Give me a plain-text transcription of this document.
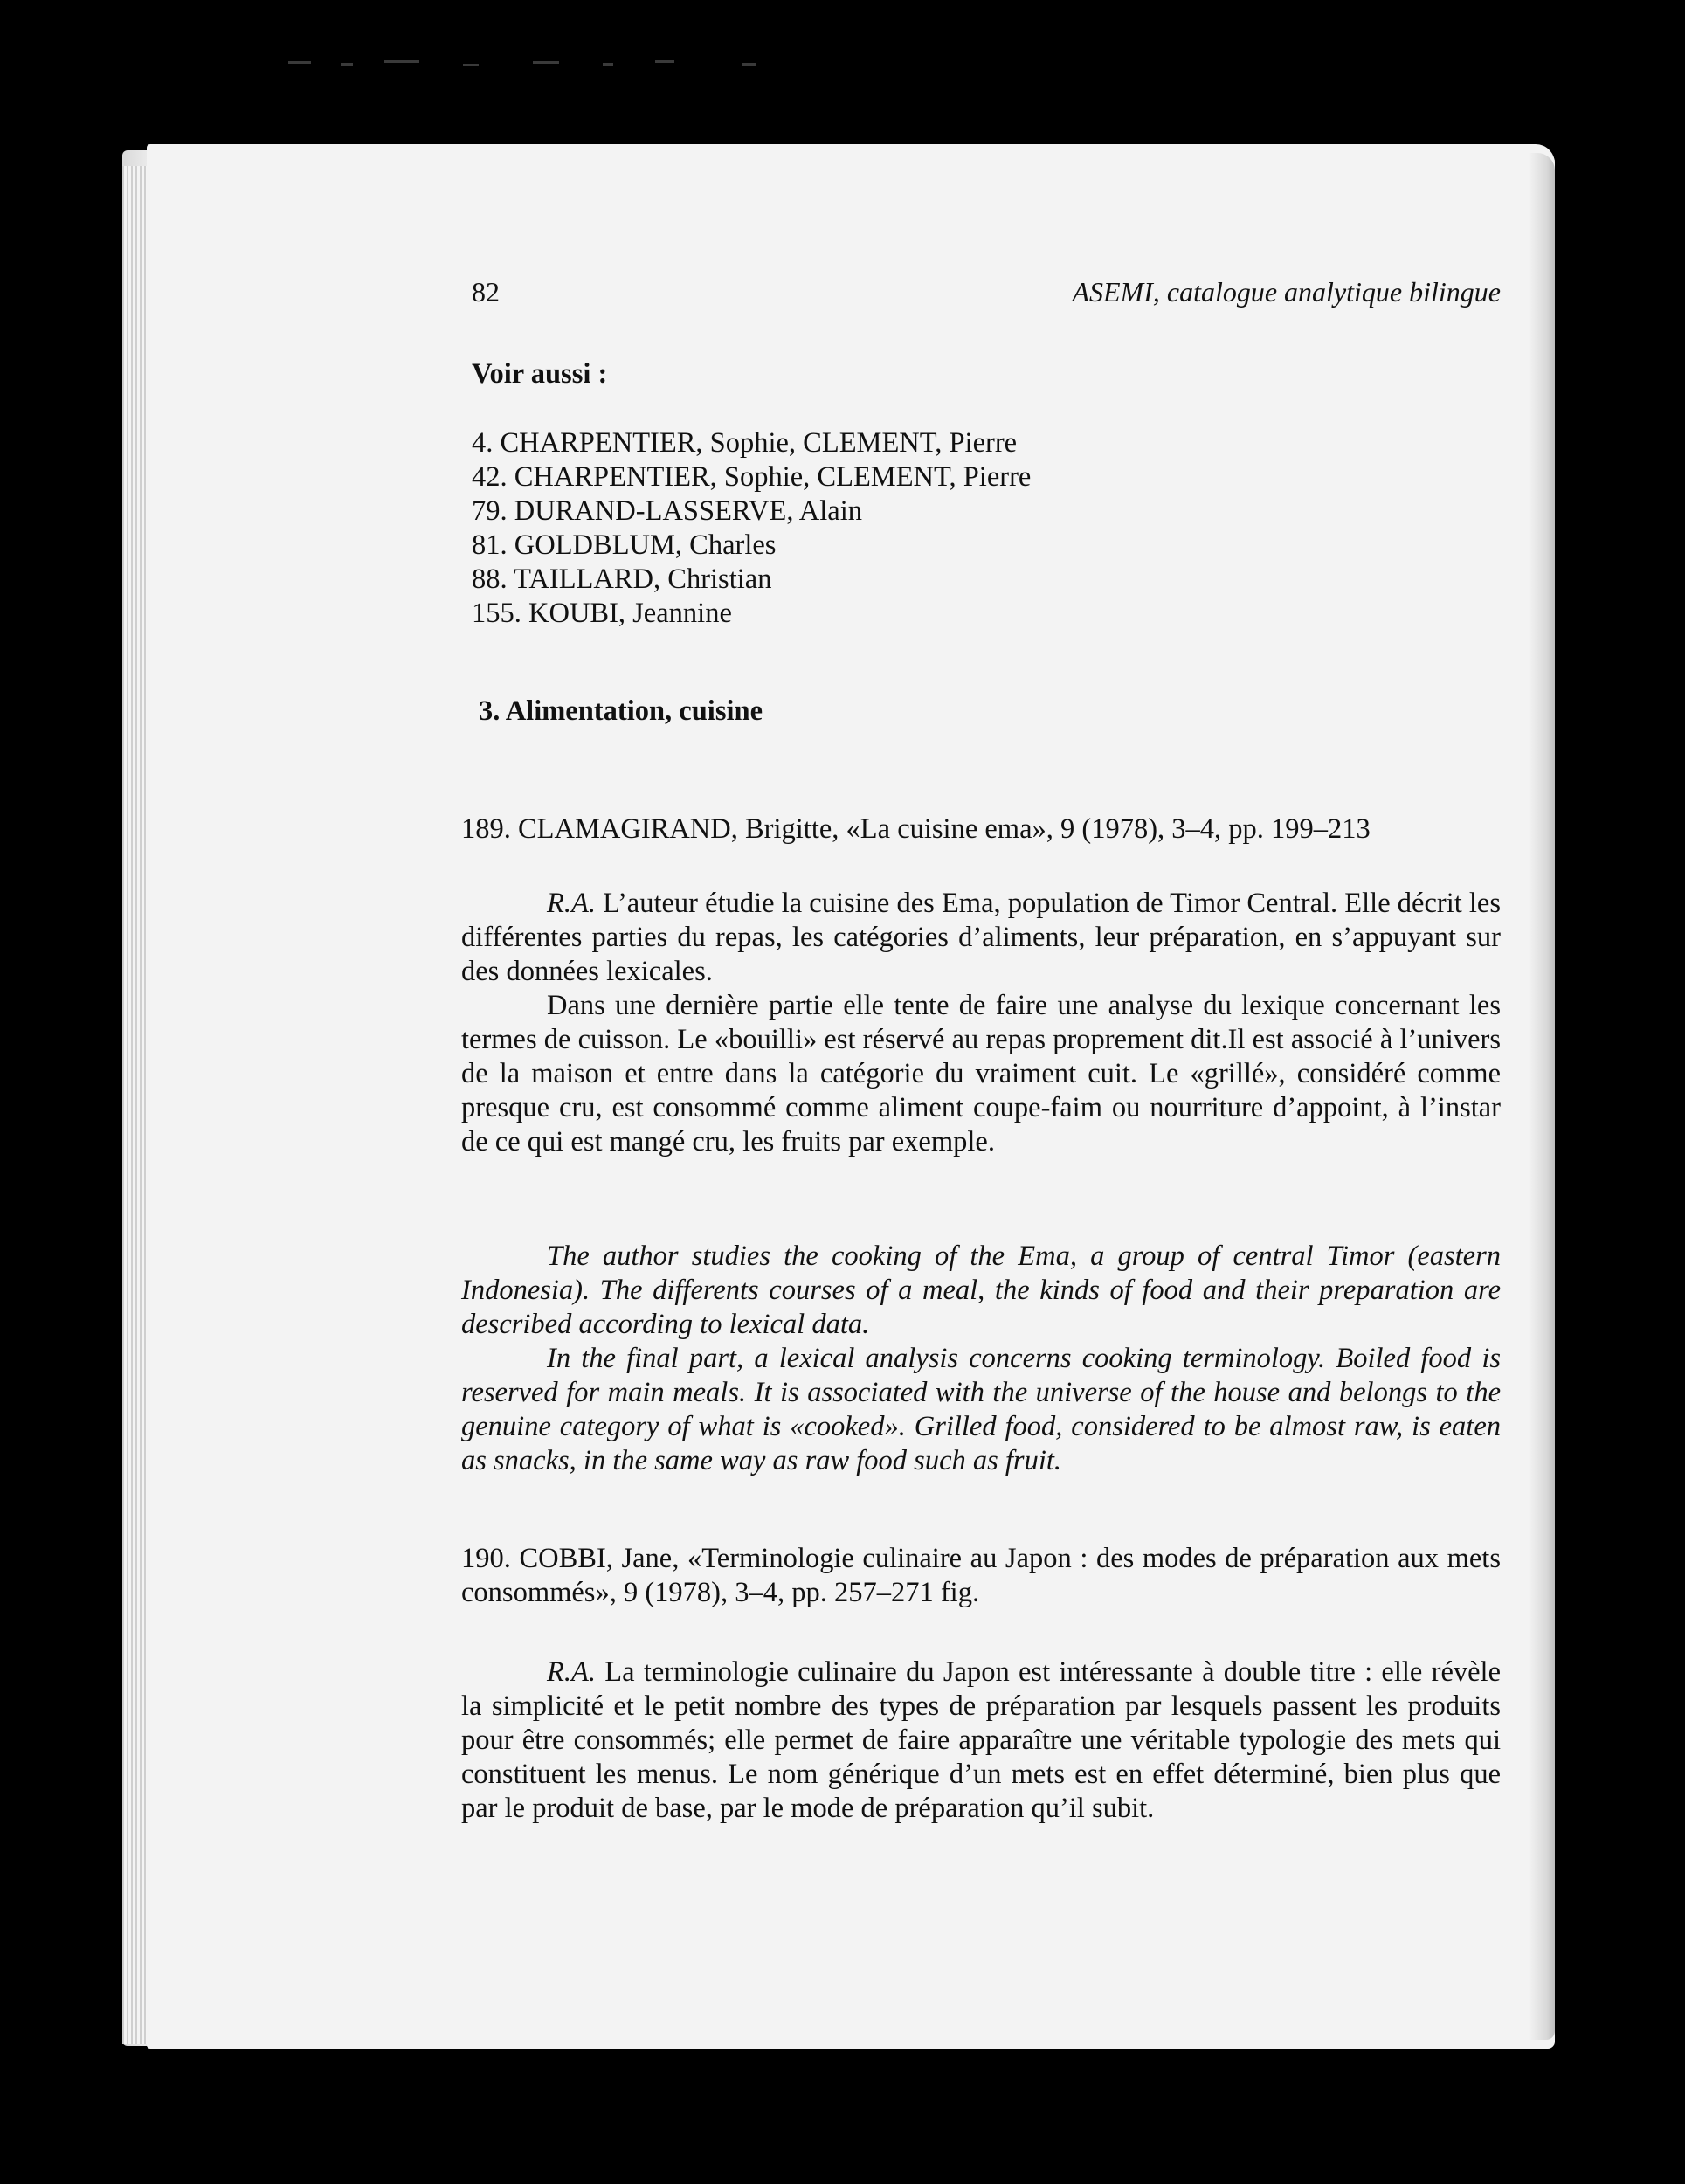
82	ASEMI, catalogue analytique bilingue
Voir aussi :
4. CHARPENTIER, Sophie, CLEMENT, Pierre
42. CHARPENTIER, Sophie, CLEMENT, Pierre
79. DURAND-LASSERVE, Alain
81. GOLDBLUM, Charles
88. TAILLARD, Christian
155. KOUBI, Jeannine
3. Alimentation, cuisine
189. CLAMAGIRAND, Brigitte, «La cuisine ema», 9 (1978), 3–4, pp. 199–213

R.A. L’auteur étudie la cuisine des Ema, population de Timor Central. Elle décrit les différentes parties du repas, les catégories d’aliments, leur préparation, en s’appuyant sur des données lexicales.

Dans une dernière partie elle tente de faire une analyse du lexique concernant les termes de cuisson. Le «bouilli» est réservé au repas proprement dit.Il est associé à l’univers de la maison et entre dans la catégorie du vraiment cuit. Le «grillé», considéré comme presque cru, est consommé comme aliment coupe-faim ou nourriture d’appoint, à l’instar de ce qui est mangé cru, les fruits par exemple.

The author studies the cooking of the Ema, a group of central Timor (eastern Indonesia). The differents courses of a meal, the kinds of food and their preparation are described according to lexical data.

In the final part, a lexical analysis concerns cooking terminology. Boiled food is reserved for main meals. It is associated with the universe of the house and belongs to the genuine category of what is «cooked». Grilled food, considered to be almost raw, is eaten as snacks, in the same way as raw food such as fruit.

190. COBBI, Jane, «Terminologie culinaire au Japon : des modes de préparation aux mets consommés», 9 (1978), 3–4, pp. 257–271 fig.

R.A. La terminologie culinaire du Japon est intéressante à double titre : elle révèle la simplicité et le petit nombre des types de préparation par lesquels passent les produits pour être consommés; elle permet de faire apparaître une véritable typologie des mets qui constituent les menus. Le nom générique d’un mets est en effet déterminé, bien plus que par le produit de base, par le mode de préparation qu’il subit.
